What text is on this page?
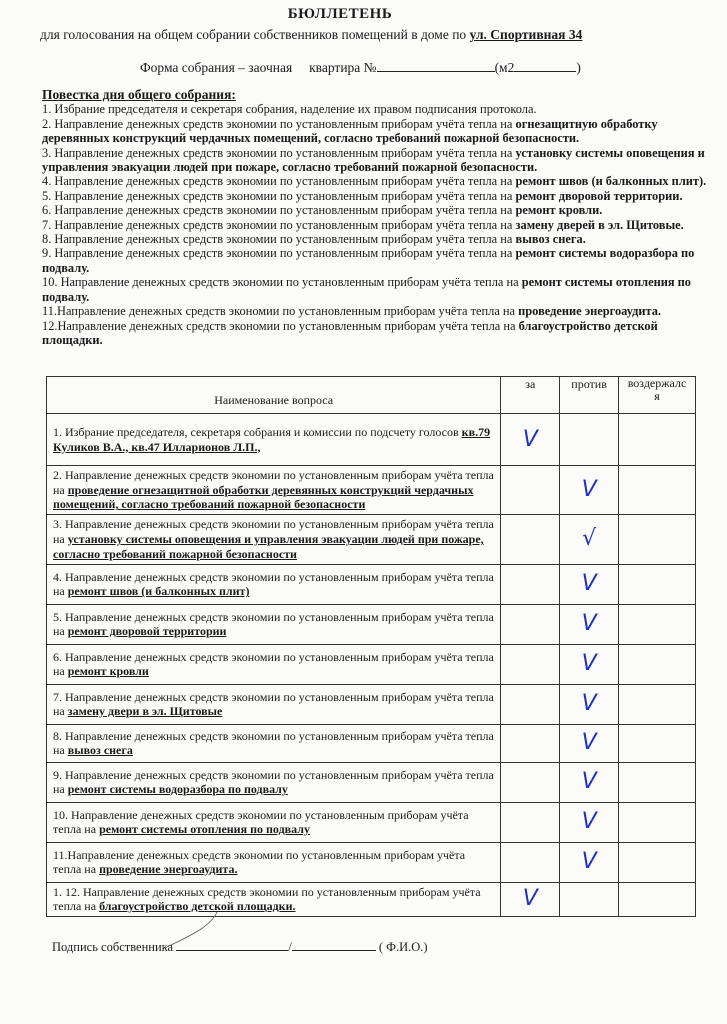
БЮЛЛЕТЕНЬ
для голосования на общем собрании собственников помещений в доме по ул. Спортивная 34
Форма собрания – заочная квартира №	(м2	)
Повестка дня общего собрания:

1. Избрание председателя и секретаря собрания, наделение их правом подписания протокола.

2. Направление денежных средств экономии по установленным приборам учёта тепла на огнезащитную обработку деревянных конструкций чердачных помещений, согласно требований пожарной безопасности.

3. Направление денежных средств экономии по установленным приборам учёта тепла на установку системы оповещения и управления эвакуации людей при пожаре, согласно требований пожарной безопасности.

4. Направление денежных средств экономии по установленным приборам учёта тепла на ремонт швов (и балконных плит).

5. Направление денежных средств экономии по установленным приборам учёта тепла на ремонт дворовой территории.

6. Направление денежных средств экономии по установленным приборам учёта тепла на ремонт кровли.

7. Направление денежных средств экономии по установленным приборам учёта тепла на замену дверей в эл. Щитовые.

8. Направление денежных средств экономии по установленным приборам учёта тепла на вывоз снега.

9. Направление денежных средств экономии по установленным приборам учёта тепла на ремонт системы водоразбора по подвалу.

10. Направление денежных средств экономии по установленным приборам учёта тепла на ремонт системы отопления по подвалу.

11.Направление денежных средств экономии по установленным приборам учёта тепла на проведение энергоаудита.

12.Направление денежных средств экономии по установленным приборам учёта тепла на благоустройство детской площадки.

Наименование вопроса	за	против	воздержался
1. Избрание председателя, секретаря собрания и комиссии по подсчету голосов кв.79 Куликов В.А., кв.47 Илларионов Л.П.,	V		
2. Направление денежных средств экономии по установленным приборам учёта тепла на проведение огнезащитной обработки деревянных конструкций чердачных помещений, согласно требований пожарной безопасности		V	
3. Направление денежных средств экономии по установленным приборам учёта тепла на установку системы оповещения и управления эвакуации людей при пожаре, согласно требований пожарной безопасности		√	
4. Направление денежных средств экономии по установленным приборам учёта тепла на ремонт швов (и балконных плит)		V	
5. Направление денежных средств экономии по установленным приборам учёта тепла на ремонт дворовой территории		V	
6. Направление денежных средств экономии по установленным приборам учёта тепла на ремонт кровли		V	
7. Направление денежных средств экономии по установленным приборам учёта тепла на замену двери в эл. Щитовые		V	
8. Направление денежных средств экономии по установленным приборам учёта тепла на вывоз снега		V	
9. Направление денежных средств экономии по установленным приборам учёта тепла на ремонт системы водоразбора по подвалу		V	
10. Направление денежных средств экономии по установленным приборам учёта тепла на ремонт системы отопления по подвалу		V	
11.Направление денежных средств экономии по установленным приборам учёта тепла на проведение энергоаудита.		V	
1. 12. Направление денежных средств экономии по установленным приборам учёта тепла на благоустройство детской площадки.	V		
Подпись собственника	/	( Ф.И.О.)
